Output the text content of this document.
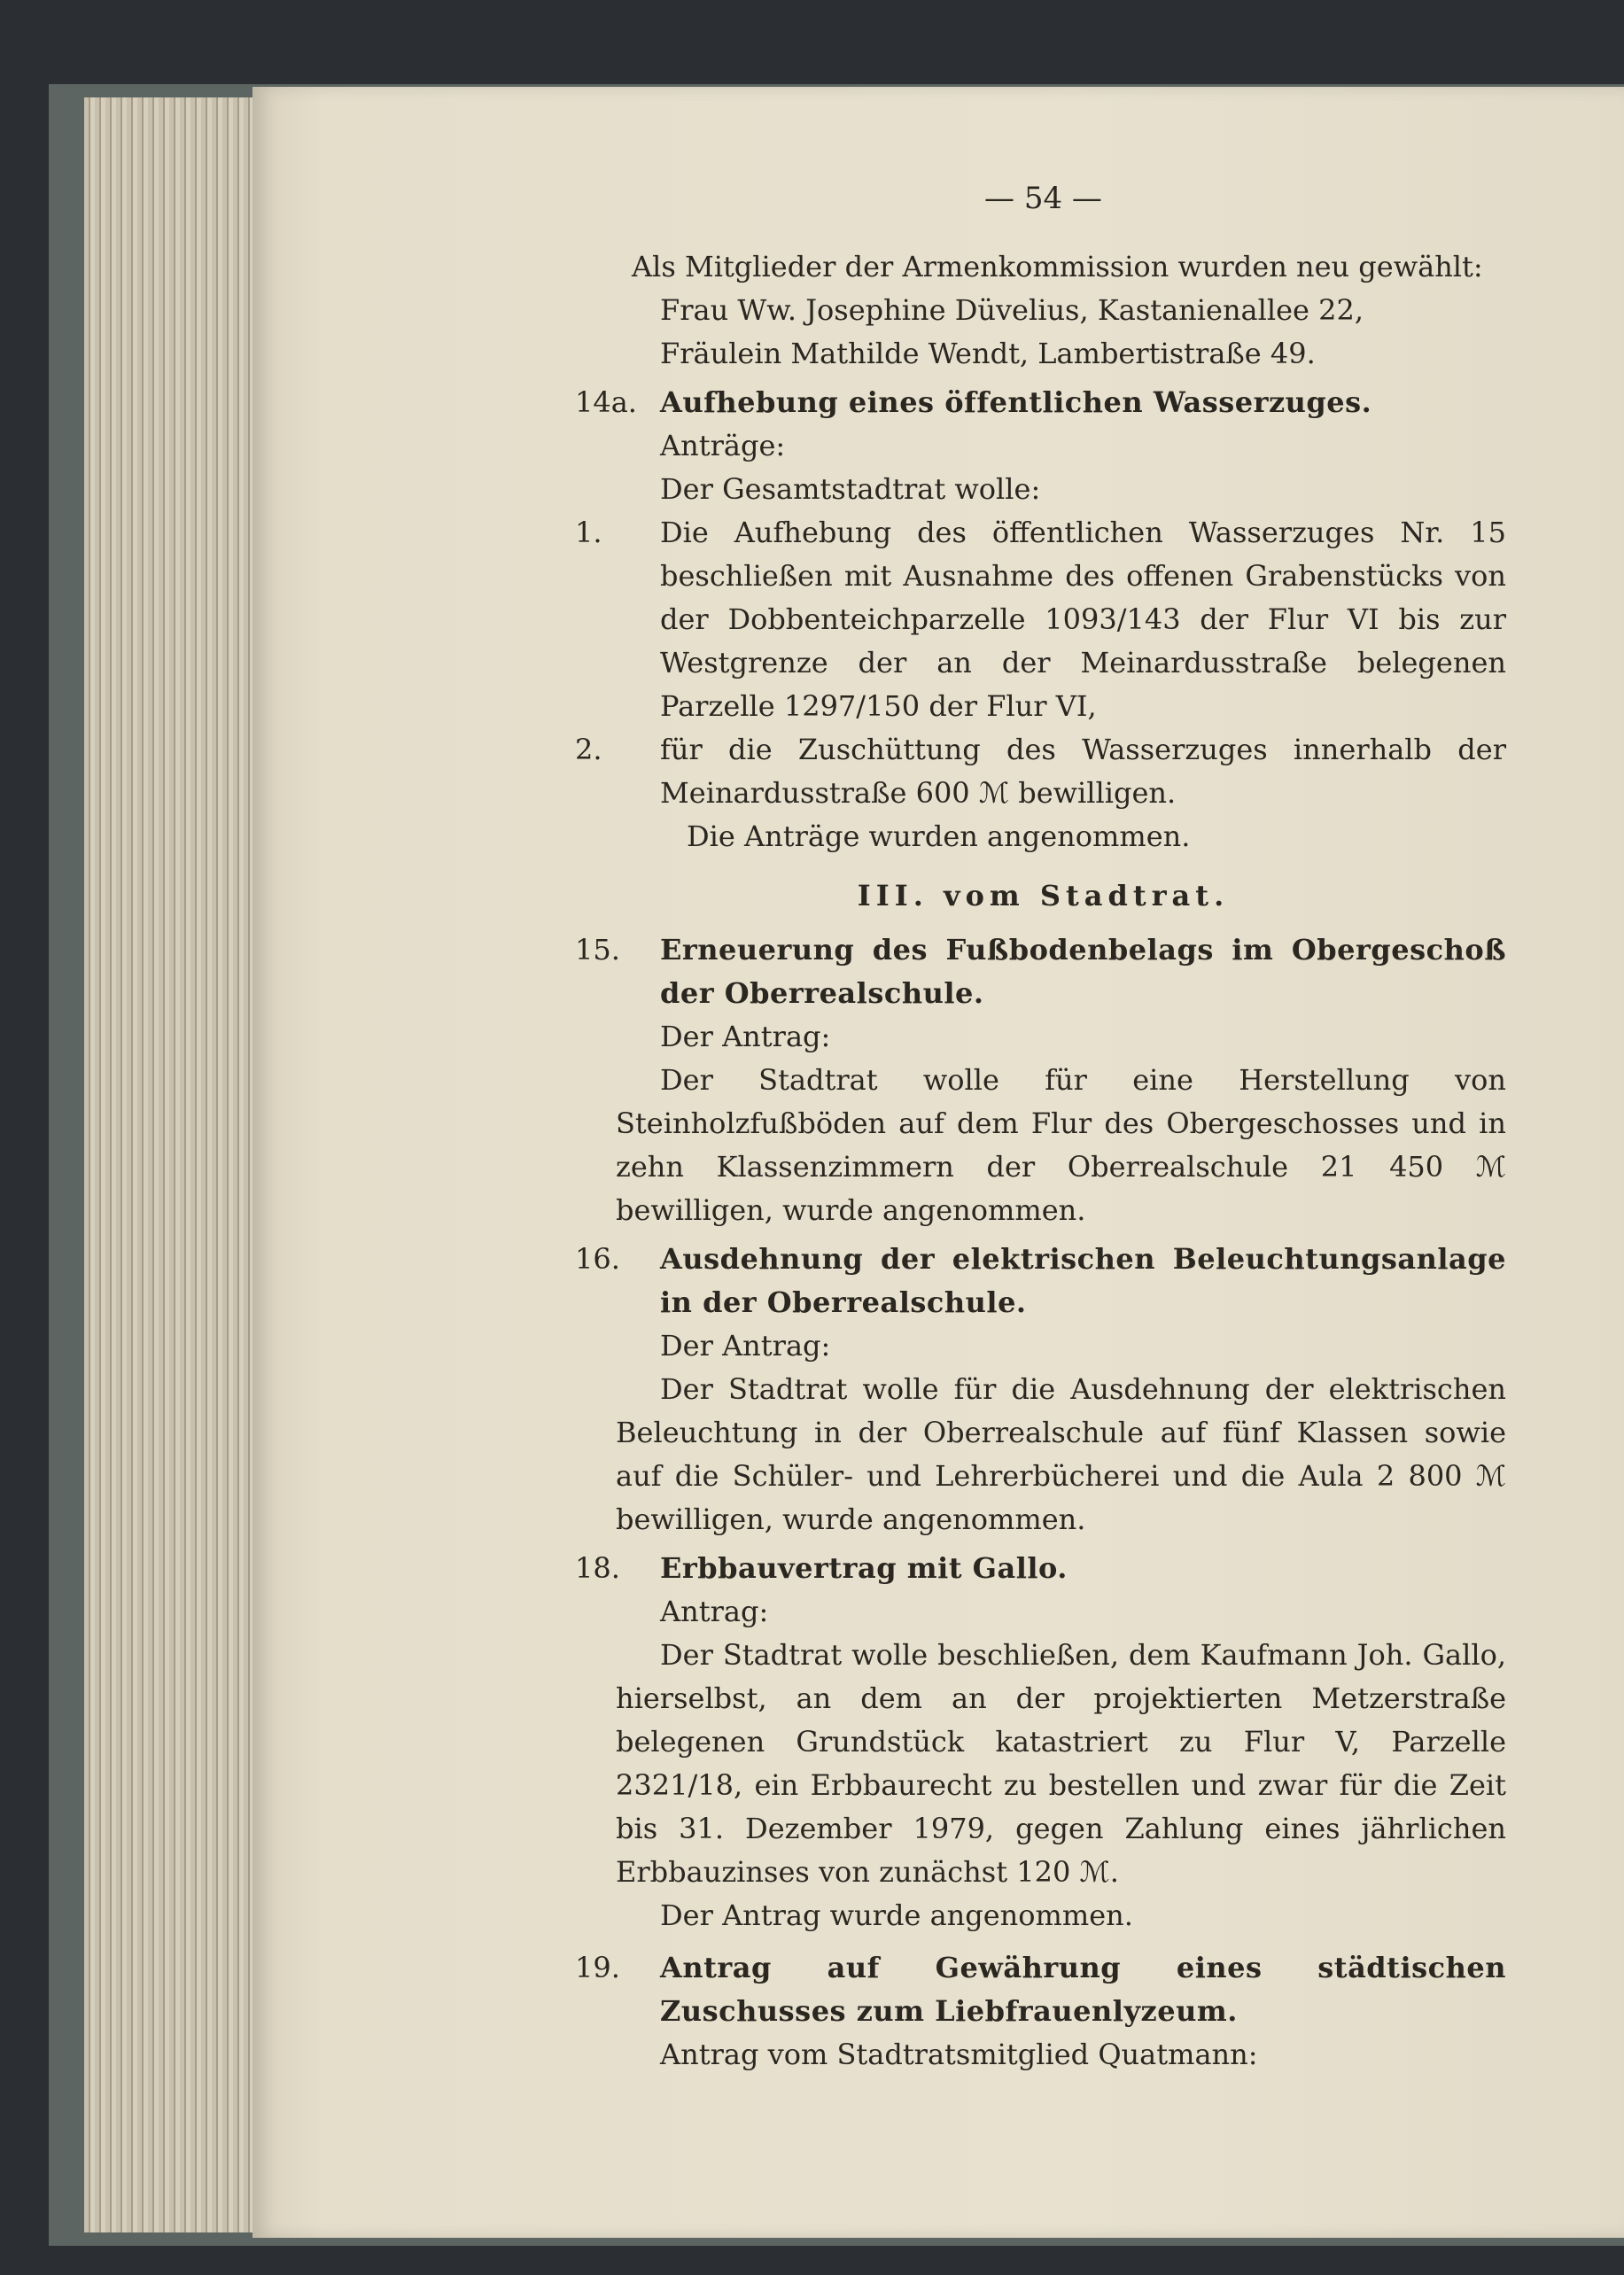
— 54 —

Als Mitglieder der Armenkommission wurden neu gewählt:

Frau Ww. Josephine Düvelius, Kastanienallee 22,

Fräulein Mathilde Wendt, Lambertistraße 49.

14a. Aufhebung eines öffentlichen Wasserzuges.

Anträge:

Der Gesamtstadtrat wolle:

1. Die Aufhebung des öffentlichen Wasserzuges Nr. 15 beschließen mit Ausnahme des offenen Grabenstücks von der Dobbenteichparzelle 1093/143 der Flur VI bis zur Westgrenze der an der Meinardusstraße belegenen Parzelle 1297/150 der Flur VI,
2. für die Zuschüttung des Wasserzuges innerhalb der Meinardusstraße 600 ℳ bewilligen.

Die Anträge wurden angenommen.

III. vom Stadtrat.

15.	Erneuerung des Fußbodenbelags im Obergeschoß der Oberrealschule.

Der Antrag:

Der Stadtrat wolle für eine Herstellung von Steinholzfußböden auf dem Flur des Obergeschosses und in zehn Klassenzimmern der Oberrealschule 21 450 ℳ bewilligen, wurde angenommen.

16.	Ausdehnung der elektrischen Beleuchtungsanlage in der Oberrealschule.

Der Antrag:

Der Stadtrat wolle für die Ausdehnung der elektrischen Beleuchtung in der Oberrealschule auf fünf Klassen sowie auf die Schüler- und Lehrerbücherei und die Aula 2 800 ℳ bewilligen, wurde angenommen.

18.	Erbbauvertrag mit Gallo.

Antrag:

Der Stadtrat wolle beschließen, dem Kaufmann Joh. Gallo, hierselbst, an dem an der projektierten Metzerstraße belegenen Grundstück katastriert zu Flur V, Parzelle 2321/18, ein Erbbaurecht zu bestellen und zwar für die Zeit bis 31. Dezember 1979, gegen Zahlung eines jährlichen Erbbauzinses von zunächst 120 ℳ.

Der Antrag wurde angenommen.

19.	Antrag auf Gewährung eines städtischen Zuschusses zum Liebfrauenlyzeum.

Antrag vom Stadtratsmitglied Quatmann:
